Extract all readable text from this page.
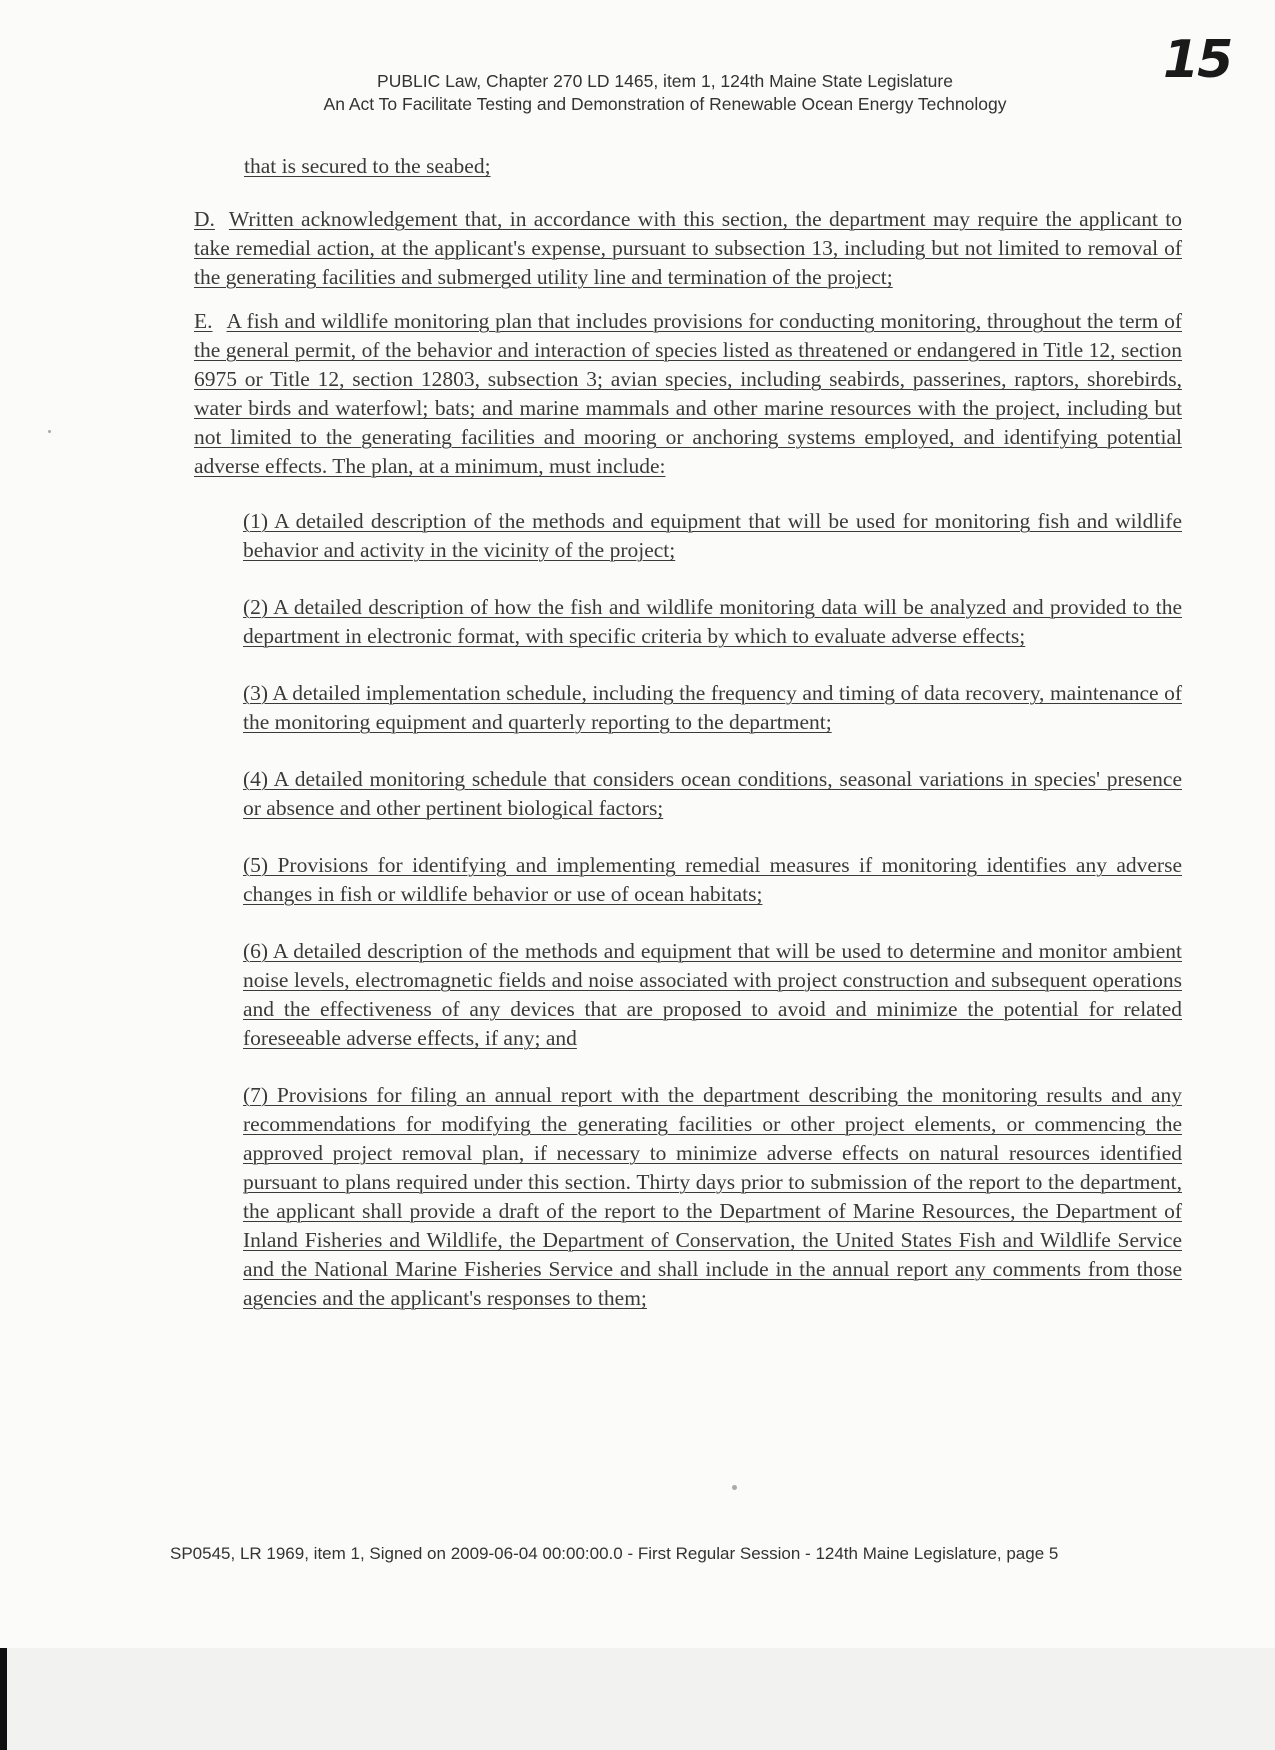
15
PUBLIC Law, Chapter 270 LD 1465, item 1, 124th Maine State Legislature
An Act To Facilitate Testing and Demonstration of Renewable Ocean Energy Technology

that is secured to the seabed;

D. Written acknowledgement that, in accordance with this section, the department may require the applicant to take remedial action, at the applicant's expense, pursuant to subsection 13, including but not limited to removal of the generating facilities and submerged utility line and termination of the project;

E. A fish and wildlife monitoring plan that includes provisions for conducting monitoring, throughout the term of the general permit, of the behavior and interaction of species listed as threatened or endangered in Title 12, section 6975 or Title 12, section 12803, subsection 3; avian species, including seabirds, passerines, raptors, shorebirds, water birds and waterfowl; bats; and marine mammals and other marine resources with the project, including but not limited to the generating facilities and mooring or anchoring systems employed, and identifying potential adverse effects. The plan, at a minimum, must include:

(1) A detailed description of the methods and equipment that will be used for monitoring fish and wildlife behavior and activity in the vicinity of the project;

(2) A detailed description of how the fish and wildlife monitoring data will be analyzed and provided to the department in electronic format, with specific criteria by which to evaluate adverse effects;

(3) A detailed implementation schedule, including the frequency and timing of data recovery, maintenance of the monitoring equipment and quarterly reporting to the department;

(4) A detailed monitoring schedule that considers ocean conditions, seasonal variations in species' presence or absence and other pertinent biological factors;

(5) Provisions for identifying and implementing remedial measures if monitoring identifies any adverse changes in fish or wildlife behavior or use of ocean habitats;

(6) A detailed description of the methods and equipment that will be used to determine and monitor ambient noise levels, electromagnetic fields and noise associated with project construction and subsequent operations and the effectiveness of any devices that are proposed to avoid and minimize the potential for related foreseeable adverse effects, if any; and

(7) Provisions for filing an annual report with the department describing the monitoring results and any recommendations for modifying the generating facilities or other project elements, or commencing the approved project removal plan, if necessary to minimize adverse effects on natural resources identified pursuant to plans required under this section. Thirty days prior to submission of the report to the department, the applicant shall provide a draft of the report to the Department of Marine Resources, the Department of Inland Fisheries and Wildlife, the Department of Conservation, the United States Fish and Wildlife Service and the National Marine Fisheries Service and shall include in the annual report any comments from those agencies and the applicant's responses to them;

SP0545, LR 1969, item 1, Signed on 2009-06-04 00:00:00.0 - First Regular Session - 124th Maine Legislature, page 5
